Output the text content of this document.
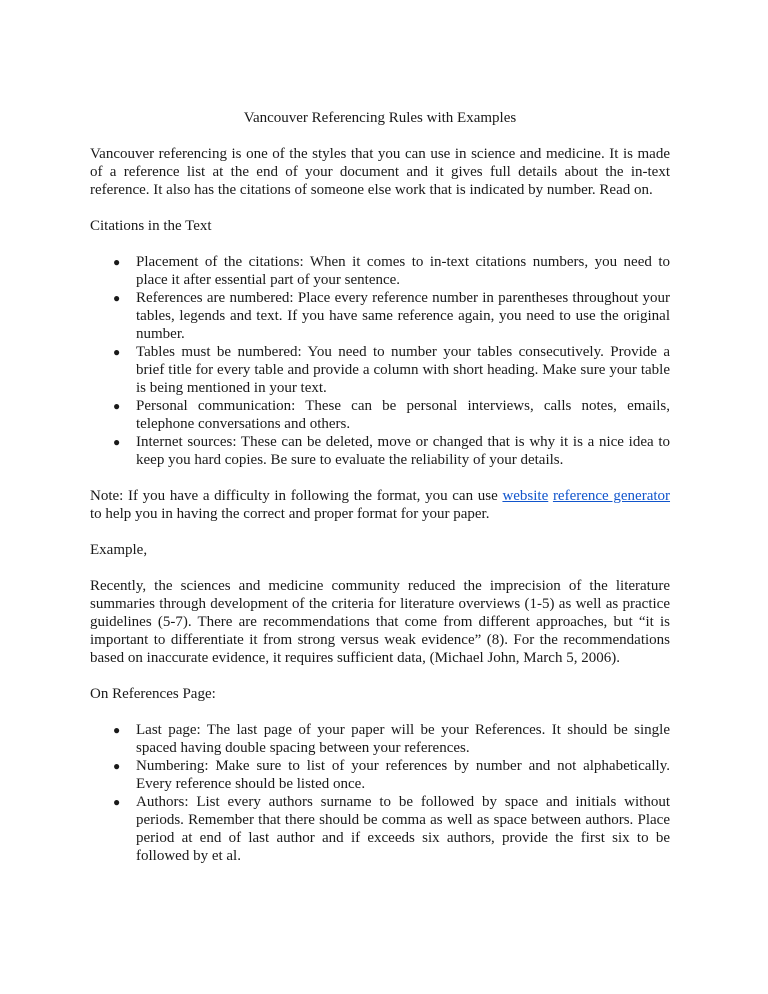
Vancouver Referencing Rules with Examples

Vancouver referencing is one of the styles that you can use in science and medicine. It is made of a reference list at the end of your document and it gives full details about the in-text reference. It also has the citations of someone else work that is indicated by number. Read on.

Citations in the Text

● Placement of the citations: When it comes to in-text citations numbers, you need to place it after essential part of your sentence.
● References are numbered: Place every reference number in parentheses throughout your tables, legends and text. If you have same reference again, you need to use the original number.
● Tables must be numbered: You need to number your tables consecutively. Provide a brief title for every table and provide a column with short heading. Make sure your table is being mentioned in your text.
● Personal communication: These can be personal interviews, calls notes, emails, telephone conversations and others.
● Internet sources: These can be deleted, move or changed that is why it is a nice idea to keep you hard copies. Be sure to evaluate the reliability of your details.

Note: If you have a difficulty in following the format, you can use website reference generator to help you in having the correct and proper format for your paper.

Example,

Recently, the sciences and medicine community reduced the imprecision of the literature summaries through development of the criteria for literature overviews (1-5) as well as practice guidelines (5-7). There are recommendations that come from different approaches, but “it is important to differentiate it from strong versus weak evidence” (8). For the recommendations based on inaccurate evidence, it requires sufficient data, (Michael John, March 5, 2006).

On References Page:

● Last page: The last page of your paper will be your References. It should be single spaced having double spacing between your references.
● Numbering: Make sure to list of your references by number and not alphabetically. Every reference should be listed once.
● Authors: List every authors surname to be followed by space and initials without periods. Remember that there should be comma as well as space between authors. Place period at end of last author and if exceeds six authors, provide the first six to be followed by et al.
